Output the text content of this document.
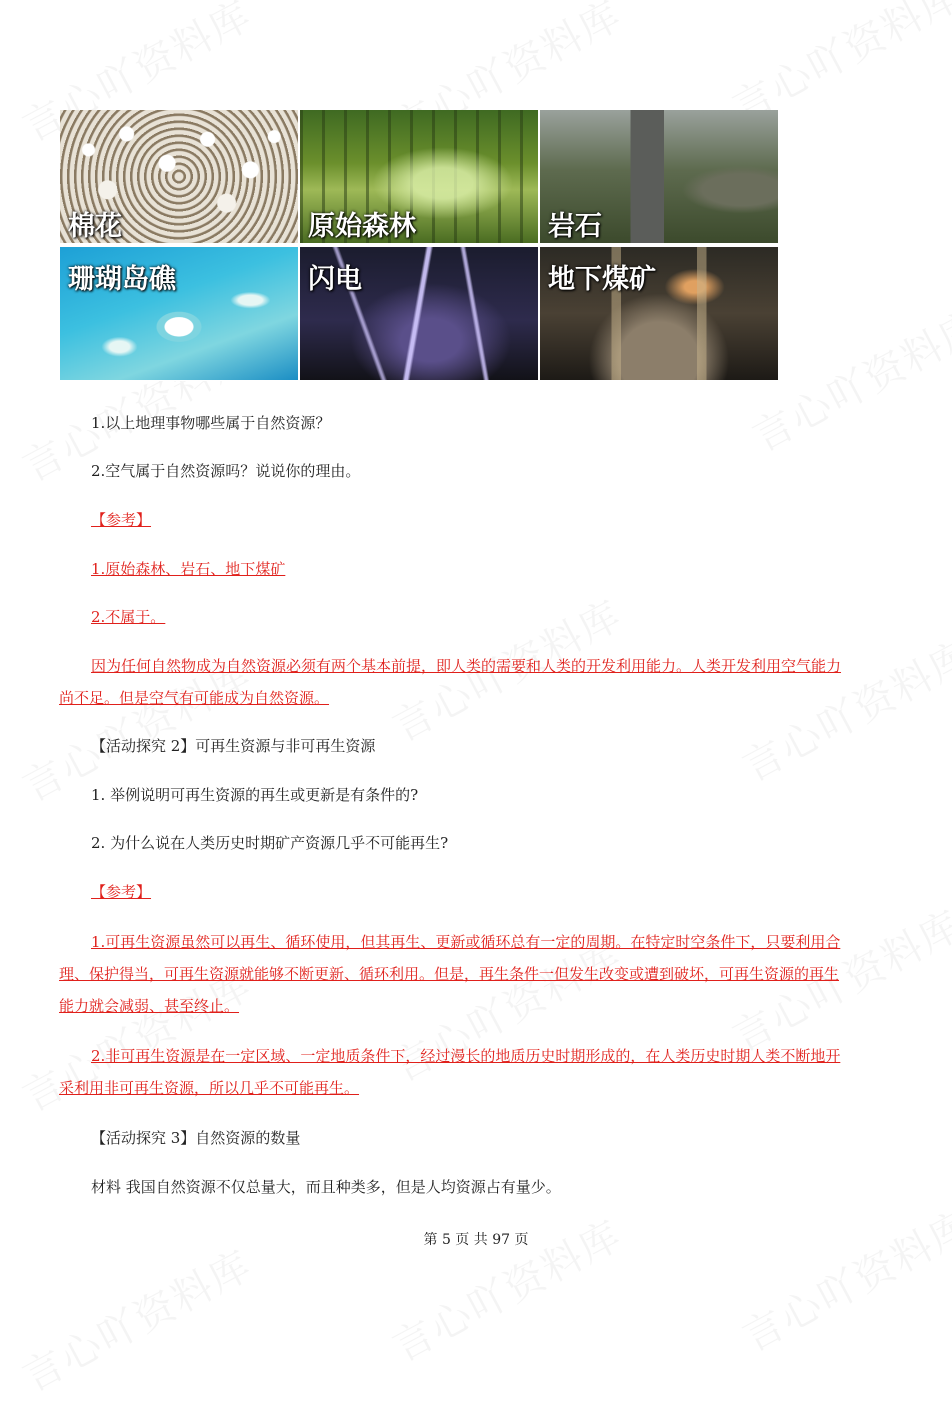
棉花	原始森林	岩石
珊瑚岛礁	闪电	地下煤矿
1.以上地理事物哪些属于自然资源？
2.空气属于自然资源吗？说说你的理由。
【参考】
1.原始森林、岩石、地下煤矿
2.不属于。
因为任何自然物成为自然资源必须有两个基本前提，即人类的需要和人类的开发利用能力。人类开发利用空气能力尚不足。但是空气有可能成为自然资源。
【活动探究 2】可再生资源与非可再生资源
1. 举例说明可再生资源的再生或更新是有条件的?
2. 为什么说在人类历史时期矿产资源几乎不可能再生?
【参考】
1.可再生资源虽然可以再生、循环使用，但其再生、更新或循环总有一定的周期。在特定时空条件下，只要利用合理、保护得当，可再生资源就能够不断更新、循环利用。但是，再生条件一但发生改变或遭到破坏，可再生资源的再生能力就会减弱、甚至终止。
2.非可再生资源是在一定区域、一定地质条件下，经过漫长的地质历史时期形成的，在人类历史时期人类不断地开采利用非可再生资源，所以几乎不可能再生。
【活动探究 3】自然资源的数量
材料 我国自然资源不仅总量大，而且种类多，但是人均资源占有量少。
第 5 页 共 97 页
